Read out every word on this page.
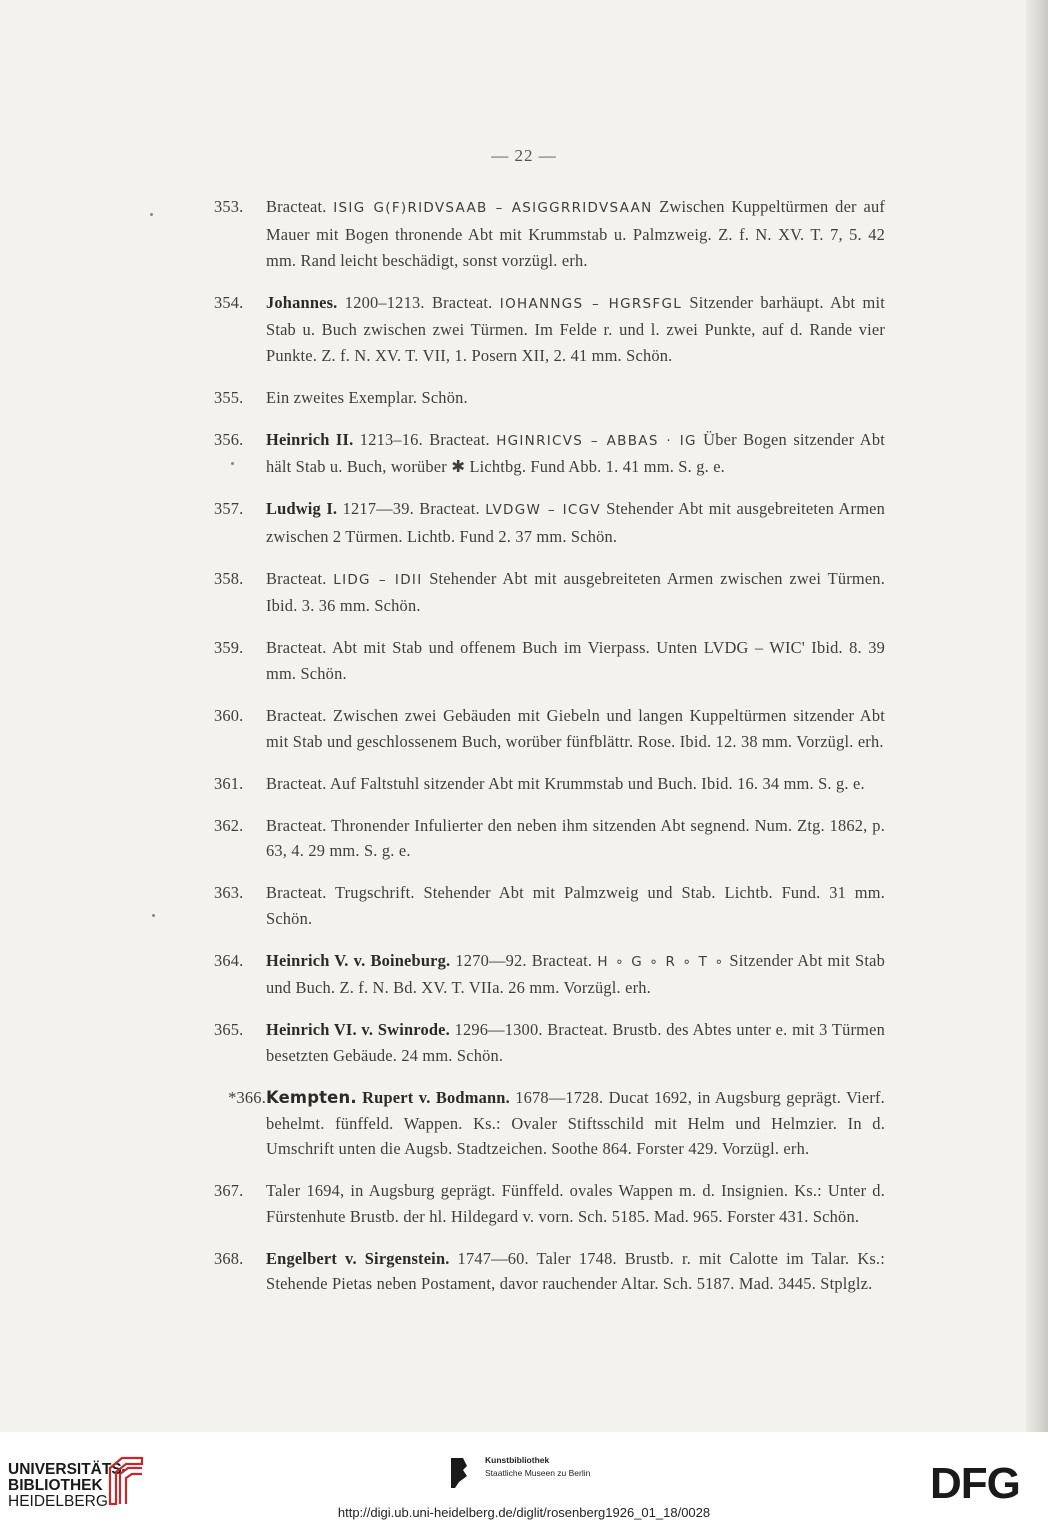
— 22 —

353. Bracteat. ISIG G(F)RIDVSAAB – ASIGGRRIDVSAAN Zwischen Kuppeltürmen der auf Mauer mit Bogen thronende Abt mit Krummstab u. Palmzweig. Z. f. N. XV. T. 7, 5. 42 mm. Rand leicht beschädigt, sonst vorzügl. erh.

354. Johannes. 1200–1213. Bracteat. IOHANNGS – HGRSFGL Sitzender barhäupt. Abt mit Stab u. Buch zwischen zwei Türmen. Im Felde r. und l. zwei Punkte, auf d. Rande vier Punkte. Z. f. N. XV. T. VII, 1. Posern XII, 2. 41 mm. Schön.

355. Ein zweites Exemplar. Schön.

356. Heinrich II. 1213–16. Bracteat. HGINRICVS – ABBAS · IG Über Bogen sitzender Abt hält Stab u. Buch, worüber ✱ Lichtbg. Fund Abb. 1. 41 mm. S. g. e.

357. Ludwig I. 1217—39. Bracteat. LVDGW – ICGV Stehender Abt mit ausgebreiteten Armen zwischen 2 Türmen. Lichtb. Fund 2. 37 mm. Schön.

358. Bracteat. LIDG – IDII Stehender Abt mit ausgebreiteten Armen zwischen zwei Türmen. Ibid. 3. 36 mm. Schön.

359. Bracteat. Abt mit Stab und offenem Buch im Vierpass. Unten LVDG – WIC' Ibid. 8. 39 mm. Schön.

360. Bracteat. Zwischen zwei Gebäuden mit Giebeln und langen Kuppeltürmen sitzender Abt mit Stab und geschlossenem Buch, worüber fünfblättr. Rose. Ibid. 12. 38 mm. Vorzügl. erh.

361. Bracteat. Auf Faltstuhl sitzender Abt mit Krummstab und Buch. Ibid. 16. 34 mm. S. g. e.

362. Bracteat. Thronender Infulierter den neben ihm sitzenden Abt segnend. Num. Ztg. 1862, p. 63, 4. 29 mm. S. g. e.

363. Bracteat. Trugschrift. Stehender Abt mit Palmzweig und Stab. Lichtb. Fund. 31 mm. Schön.

364. Heinrich V. v. Boineburg. 1270—92. Bracteat. H ∘ G ∘ R ∘ T ∘ Sitzender Abt mit Stab und Buch. Z. f. N. Bd. XV. T. VIIa. 26 mm. Vorzügl. erh.

365. Heinrich VI. v. Swinrode. 1296—1300. Bracteat. Brustb. des Abtes unter e. mit 3 Türmen besetzten Gebäude. 24 mm. Schön.

*366.Kempten. Rupert v. Bodmann. 1678—1728. Ducat 1692, in Augsburg geprägt. Vierf. behelmt. fünffeld. Wappen. Ks.: Ovaler Stiftsschild mit Helm und Helmzier. In d. Umschrift unten die Augsb. Stadtzeichen. Soothe 864. Forster 429. Vorzügl. erh.

367. Taler 1694, in Augsburg geprägt. Fünffeld. ovales Wappen m. d. Insignien. Ks.: Unter d. Fürstenhute Brustb. der hl. Hildegard v. vorn. Sch. 5185. Mad. 965. Forster 431. Schön.

368. Engelbert v. Sirgenstein. 1747—60. Taler 1748. Brustb. r. mit Calotte im Talar. Ks.: Stehende Pietas neben Postament, davor rauchender Altar. Sch. 5187. Mad. 3445. Stplglz.

UNIVERSITÄTS-
BIBLIOTHEK
HEIDELBERG
Kunstbibliothek
Staatliche Museen zu Berlin	DFG
http://digi.ub.uni-heidelberg.de/diglit/rosenberg1926_01_18/0028
